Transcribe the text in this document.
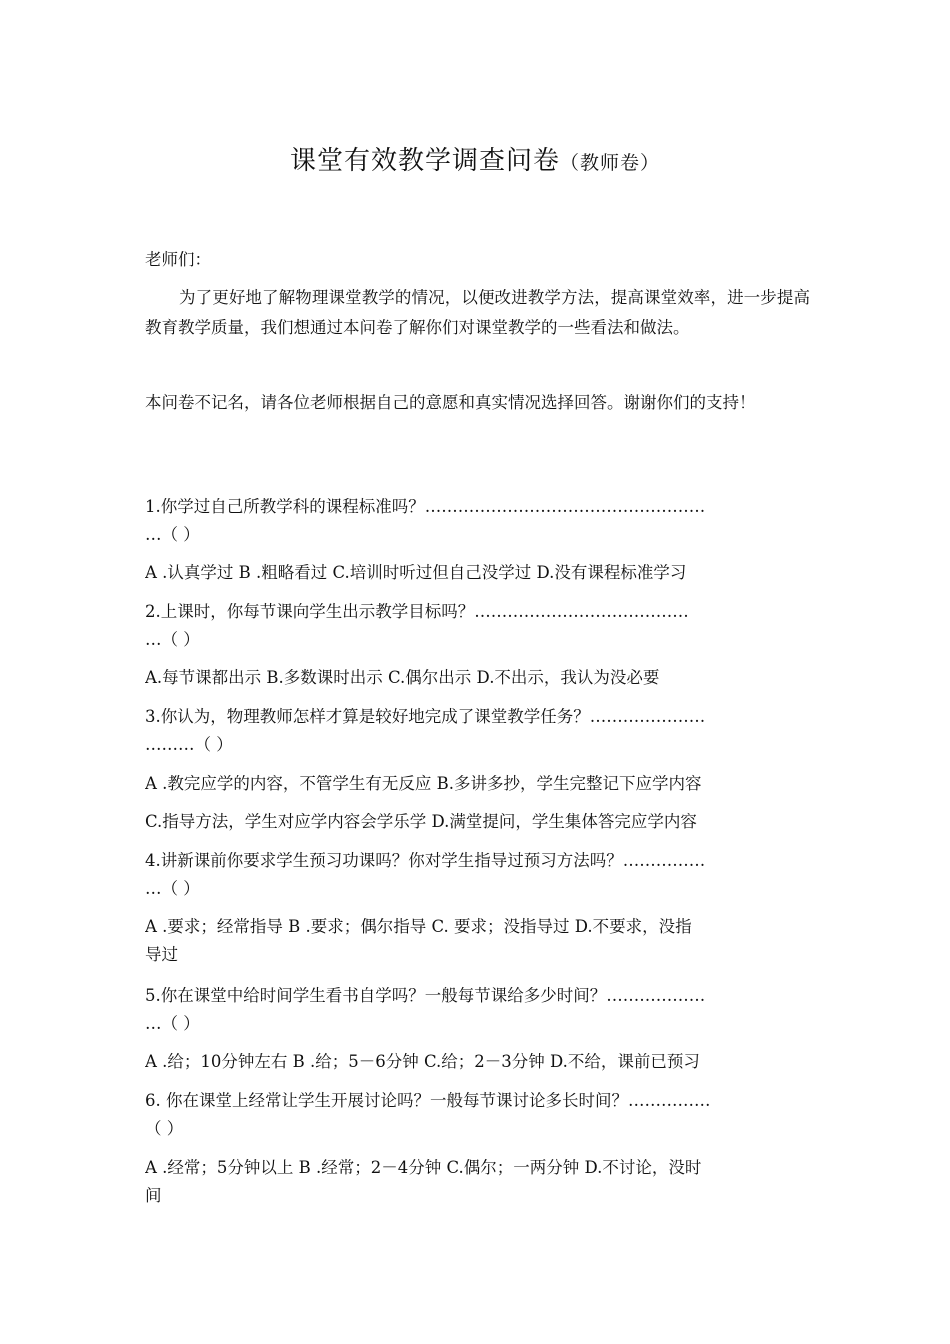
课堂有效教学调查问卷（教师卷）
老师们：
为了更好地了解物理课堂教学的情况，以便改进教学方法，提高课堂效率，进一步提高教育教学质量，我们想通过本问卷了解你们对课堂教学的一些看法和做法。
本问卷不记名，请各位老师根据自己的意愿和真实情况选择回答。谢谢你们的支持！
1.你学过自己所教学科的课程标准吗？……………………………………………
…（ ）
A .认真学过 B .粗略看过 C.培训时听过但自己没学过 D.没有课程标准学习
2.上课时，你每节课向学生出示教学目标吗？…………………………………
…（ ）
A.每节课都出示 B.多数课时出示 C.偶尔出示 D.不出示，我认为没必要
3.你认为，物理教师怎样才算是较好地完成了课堂教学任务？…………………
………（ ）
A .教完应学的内容，不管学生有无反应 B.多讲多抄，学生完整记下应学内容
C.指导方法，学生对应学内容会学乐学 D.满堂提问，学生集体答完应学内容
4.讲新课前你要求学生预习功课吗？你对学生指导过预习方法吗？……………
…（ ）
A .要求；经常指导 B .要求；偶尔指导 C. 要求；没指导过 D.不要求，没指
导过
5.你在课堂中给时间学生看书自学吗？一般每节课给多少时间？………………
…（ ）
A .给；10分钟左右 B .给；5－6分钟 C.给；2－3分钟 D.不给，课前已预习
6. 你在课堂上经常让学生开展讨论吗？一般每节课讨论多长时间？……………
（ ）
A .经常；5分钟以上 B .经常；2－4分钟 C.偶尔；一两分钟 D.不讨论，没时
间
